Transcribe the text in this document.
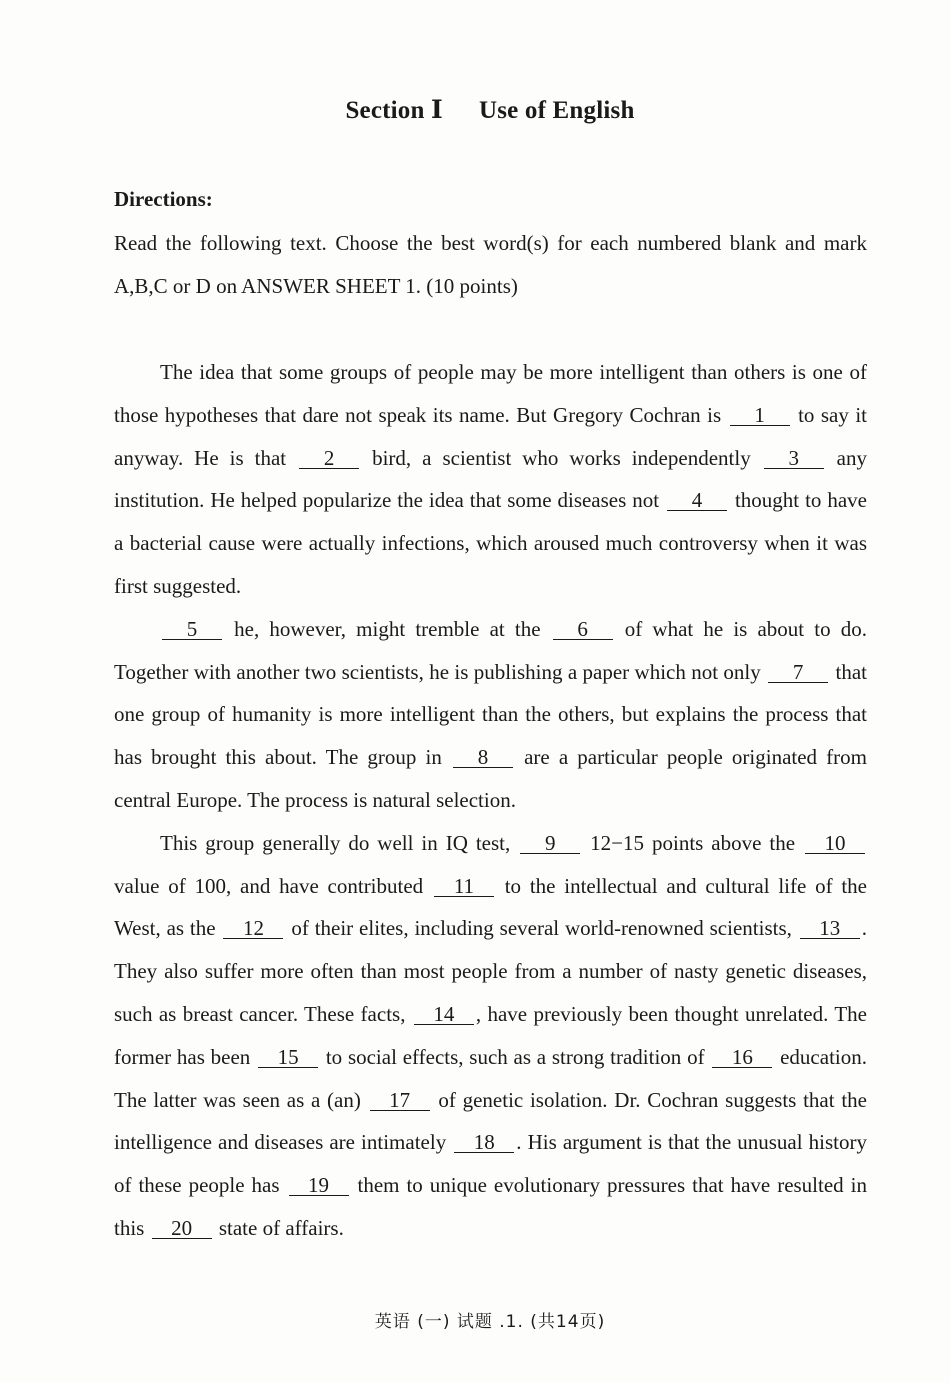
Section Ⅰ Use of English
Directions:
Read the following text. Choose the best word(s) for each numbered blank and mark A,B,C or D on ANSWER SHEET 1. (10 points)

The idea that some groups of people may be more intelligent than others is one of those hypotheses that dare not speak its name. But Gregory Cochran is 1 to say it anyway. He is that 2 bird, a scientist who works independently 3 any institution. He helped popularize the idea that some diseases not 4 thought to have a bacterial cause were actually infections, which aroused much controversy when it was first suggested.

5 he, however, might tremble at the 6 of what he is about to do. Together with another two scientists, he is publishing a paper which not only 7 that one group of humanity is more intelligent than the others, but explains the process that has brought this about. The group in 8 are a particular people originated from central Europe. The process is natural selection.

This group generally do well in IQ test, 9 12−15 points above the 10 value of 100, and have contributed 11 to the intellectual and cultural life of the West, as the 12 of their elites, including several world-renowned scientists, 13 . They also suffer more often than most people from a number of nasty genetic diseases, such as breast cancer. These facts, 14 , have previously been thought unrelated. The former has been 15 to social effects, such as a strong tradition of 16 education. The latter was seen as a (an) 17 of genetic isolation. Dr. Cochran suggests that the intelligence and diseases are intimately 18 . His argument is that the unusual history of these people has 19 them to unique evolutionary pressures that have resulted in this 20 state of affairs.

英语 (一) 试题 .1. (共14页)
